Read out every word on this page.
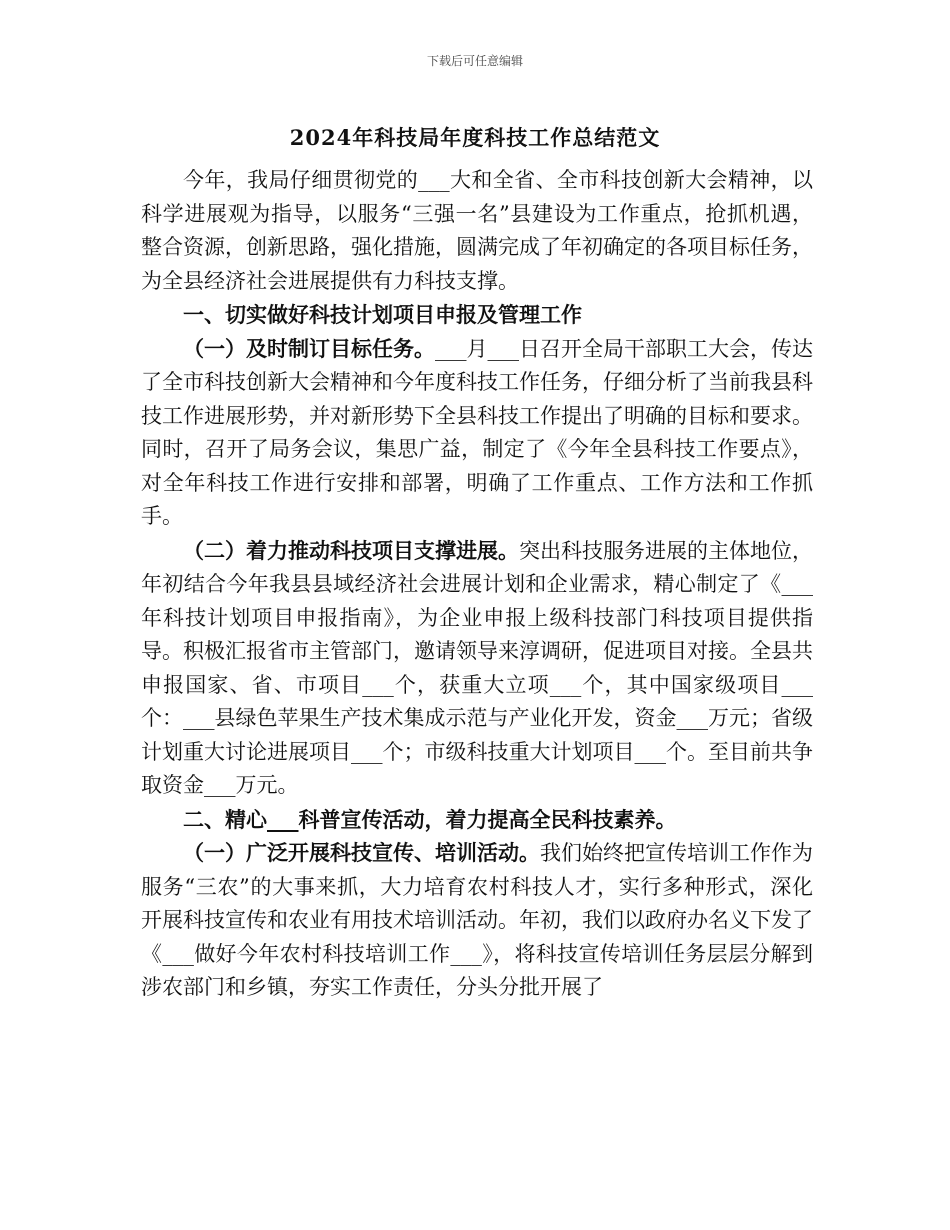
下载后可任意编辑
2024年科技局年度科技工作总结范文

今年，我局仔细贯彻党的___大和全省、全市科技创新大会精神，以科学进展观为指导，以服务“三强一名”县建设为工作重点，抢抓机遇，整合资源，创新思路，强化措施，圆满完成了年初确定的各项目标任务，为全县经济社会进展提供有力科技支撑。

一、切实做好科技计划项目申报及管理工作

（一）及时制订目标任务。___月___日召开全局干部职工大会，传达了全市科技创新大会精神和今年度科技工作任务，仔细分析了当前我县科技工作进展形势，并对新形势下全县科技工作提出了明确的目标和要求。同时，召开了局务会议，集思广益，制定了《今年全县科技工作要点》，对全年科技工作进行安排和部署，明确了工作重点、工作方法和工作抓手。

（二）着力推动科技项目支撑进展。突出科技服务进展的主体地位，年初结合今年我县县域经济社会进展计划和企业需求，精心制定了《___年科技计划项目申报指南》，为企业申报上级科技部门科技项目提供指导。积极汇报省市主管部门，邀请领导来淳调研，促进项目对接。全县共申报国家、省、市项目___个，获重大立项___个，其中国家级项目___个：___县绿色苹果生产技术集成示范与产业化开发，资金___万元；省级计划重大讨论进展项目___个；市级科技重大计划项目___个。至目前共争取资金___万元。

二、精心___科普宣传活动，着力提高全民科技素养。

（一）广泛开展科技宣传、培训活动。我们始终把宣传培训工作作为服务“三农”的大事来抓，大力培育农村科技人才，实行多种形式，深化开展科技宣传和农业有用技术培训活动。年初，我们以政府办名义下发了《___做好今年农村科技培训工作___》，将科技宣传培训任务层层分解到涉农部门和乡镇，夯实工作责任，分头分批开展了
